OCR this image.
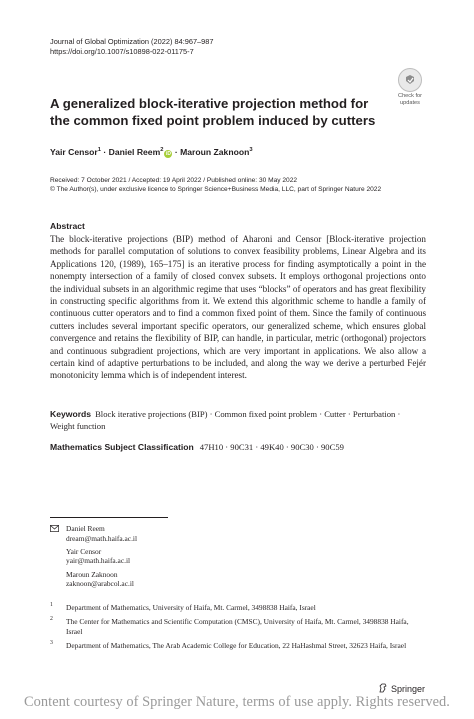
Journal of Global Optimization (2022) 84:967–987
https://doi.org/10.1007/s10898-022-01175-7
Check for
updates
A generalized block-iterative projection method for the common fixed point problem induced by cutters
Yair Censor$^1$ · Daniel Reem$^2$iD · Maroun Zaknoon$^3$
Received: 7 October 2021 / Accepted: 19 April 2022 / Published online: 30 May 2022
© The Author(s), under exclusive licence to Springer Science+Business Media, LLC, part of Springer Nature 2022
Abstract
The block-iterative projections (BIP) method of Aharoni and Censor [Block-iterative projection methods for parallel computation of solutions to convex feasibility problems, Linear Algebra and its Applications 120, (1989), 165–175] is an iterative process for finding asymptotically a point in the nonempty intersection of a family of closed convex subsets. It employs orthogonal projections onto the individual subsets in an algorithmic regime that uses “blocks” of operators and has great flexibility in constructing specific algorithms from it. We extend this algorithmic scheme to handle a family of continuous cutter operators and to find a common fixed point of them. Since the family of continuous cutters includes several important specific operators, our generalized scheme, which ensures global convergence and retains the flexibility of BIP, can handle, in particular, metric (orthogonal) projectors and continuous subgradient projections, which are very important in applications. We also allow a certain kind of adaptive perturbations to be included, and along the way we derive a perturbed Fejér monotonicity lemma which is of independent interest.
Keywords Block iterative projections (BIP) · Common fixed point problem · Cutter · Perturbation · Weight function
Mathematics Subject Classification 47H10 · 90C31 · 49K40 · 90C30 · 90C59
Daniel Reem
dream@math.haifa.ac.il
Yair Censor
yair@math.haifa.ac.il
Maroun Zaknoon
zaknoon@arabcol.ac.il
1 Department of Mathematics, University of Haifa, Mt. Carmel, 3498838 Haifa, Israel
2 The Center for Mathematics and Scientific Computation (CMSC), University of Haifa, Mt. Carmel, 3498838 Haifa, Israel
3 Department of Mathematics, The Arab Academic College for Education, 22 HaHashmal Street, 32623 Haifa, Israel
Springer
Content courtesy of Springer Nature, terms of use apply. Rights reserved.
